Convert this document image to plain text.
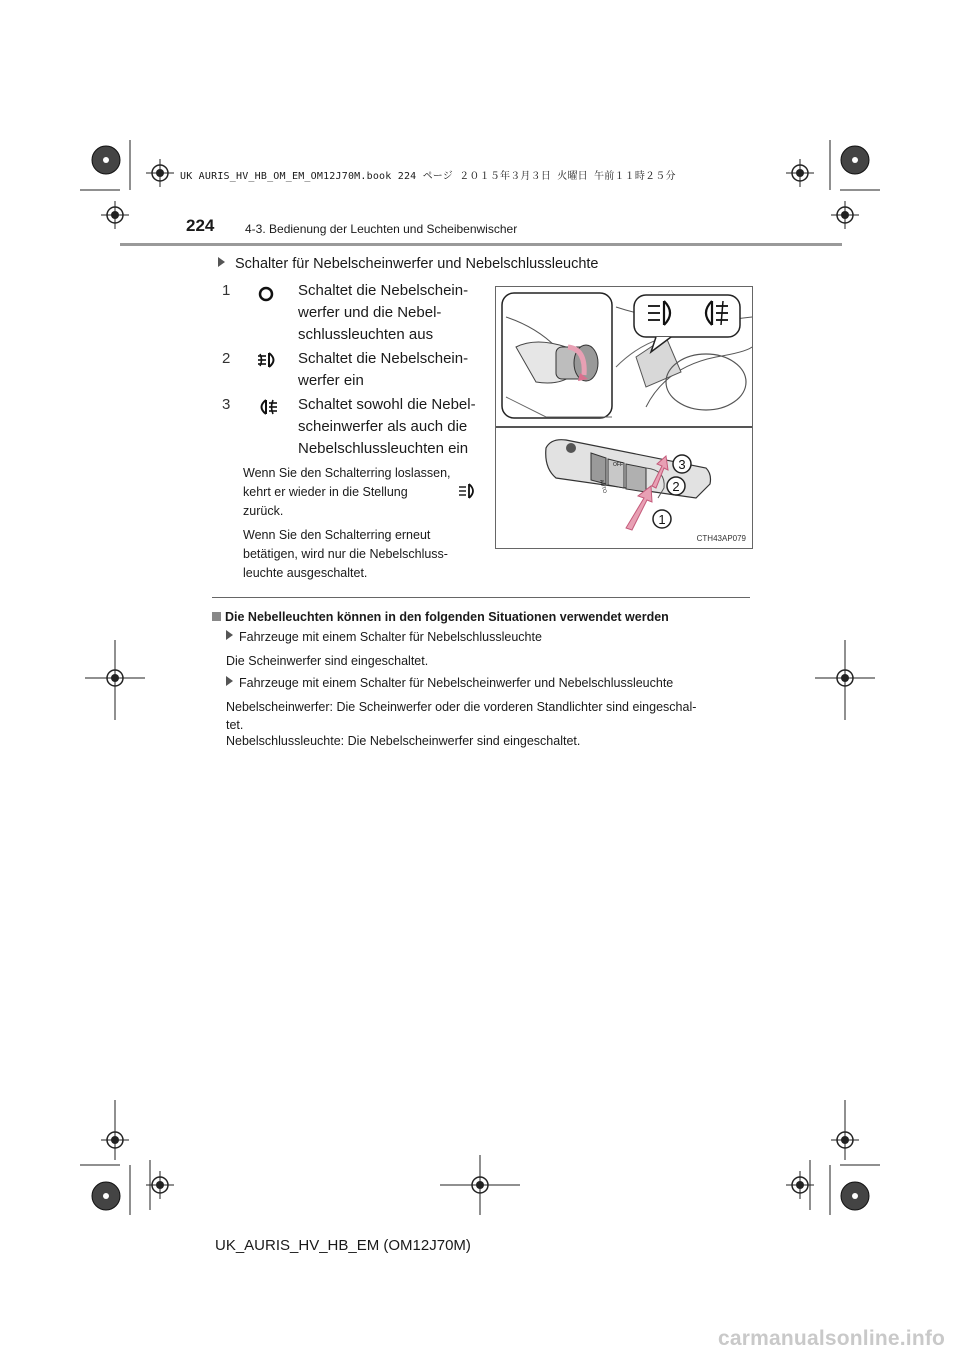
UK AURIS_HV_HB_OM_EM_OM12J70M.book 224 ページ ２０１５年３月３日 火曜日 午前１１時２５分
224	4-3. Bedienung der Leuchten und Scheibenwischer
Schalter für Nebelscheinwerfer und Nebelschlussleuchte
1	Schaltet die Nebelschein-
werfer und die Nebel-
schlussleuchten aus
2	Schaltet die Nebelschein-
werfer ein
3	Schaltet sowohl die Nebel-
scheinwerfer als auch die
Nebelschlussleuchten ein
Wenn Sie den Schalterring loslassen,
kehrt er wieder in die Stellung
zurück.
Wenn Sie den Schalterring erneut
betätigen, wird nur die Nebelschluss-
leuchte ausgeschaltet.
AUTO
OFF	3
2
1
CTH43AP079
Die Nebelleuchten können in den folgenden Situationen verwendet werden
Fahrzeuge mit einem Schalter für Nebelschlussleuchte
Die Scheinwerfer sind eingeschaltet.
Fahrzeuge mit einem Schalter für Nebelscheinwerfer und Nebelschlussleuchte
Nebelscheinwerfer: Die Scheinwerfer oder die vorderen Standlichter sind eingeschal-
tet.
Nebelschlussleuchte: Die Nebelscheinwerfer sind eingeschaltet.
UK_AURIS_HV_HB_EM (OM12J70M)
carmanualsonline.info
